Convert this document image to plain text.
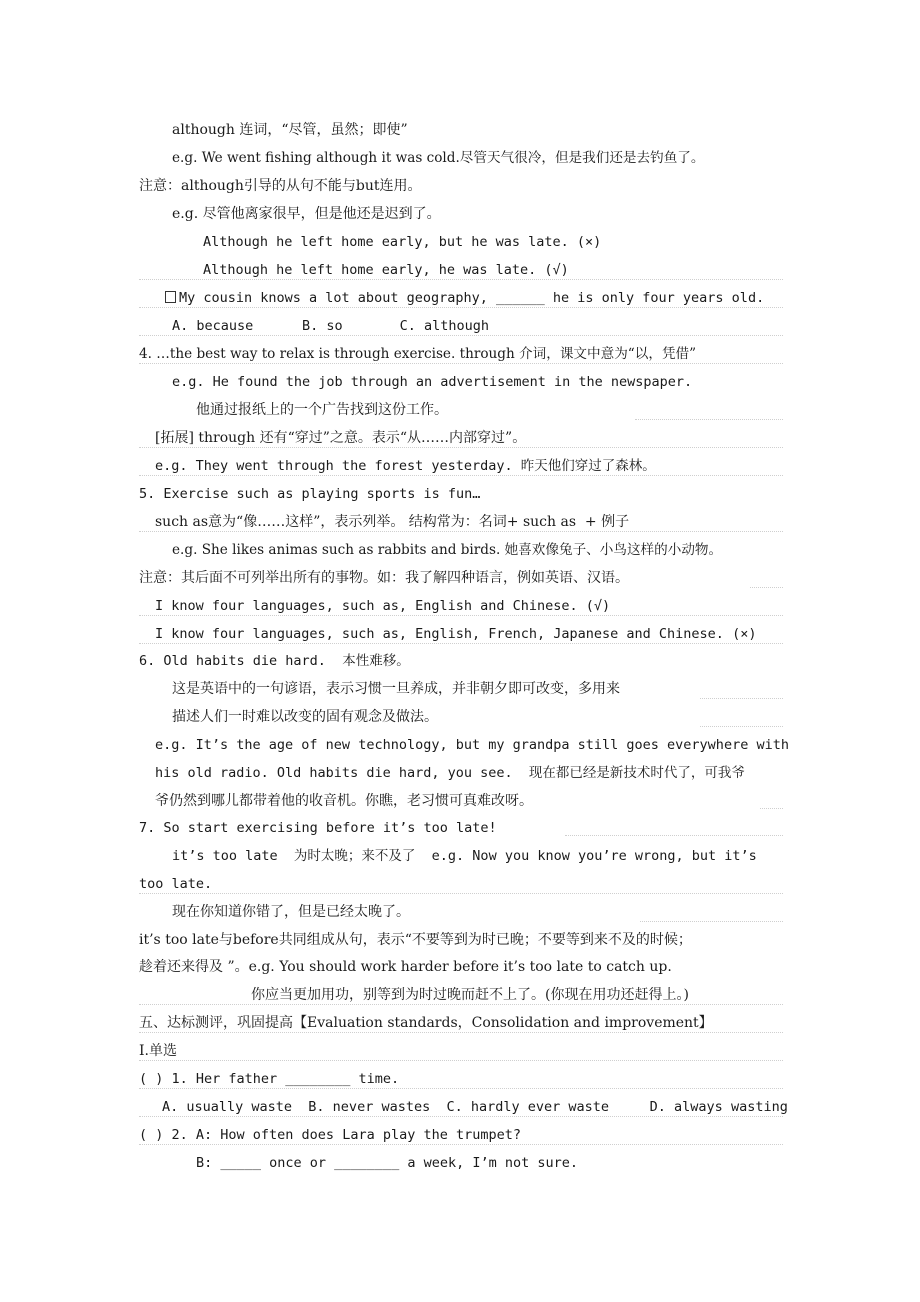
although 连词，“尽管，虽然；即使”
e.g. We went fishing although it was cold.尽管天气很冷，但是我们还是去钓鱼了。
注意：although引导的从句不能与but连用。
e.g. 尽管他离家很早，但是他还是迟到了。
Although he left home early, but he was late. (×)
Although he left home early, he was late. (√)
My cousin knows a lot about geography, ______ he is only four years old.
A. because      B. so       C. although
4. …the best way to relax is through exercise. through 介词，课文中意为“以，凭借”
e.g. He found the job through an advertisement in the newspaper.
他通过报纸上的一个广告找到这份工作。
[拓展] through 还有“穿过”之意。表示“从……内部穿过”。
e.g. They went through the forest yesterday. 昨天他们穿过了森林。
5. Exercise such as playing sports is fun…
such as意为“像……这样”，表示列举。 结构常为：名词+ such as  + 例子
e.g. She likes animas such as rabbits and birds. 她喜欢像兔子、小鸟这样的小动物。
注意：其后面不可列举出所有的事物。如：我了解四种语言，例如英语、汉语。
I know four languages, such as, English and Chinese. (√)
I know four languages, such as, English, French, Japanese and Chinese. (×)
6. Old habits die hard.  本性难移。
这是英语中的一句谚语，表示习惯一旦养成，并非朝夕即可改变，多用来
描述人们一时难以改变的固有观念及做法。
e.g. It’s the age of new technology, but my grandpa still goes everywhere with
his old radio. Old habits die hard, you see.  现在都已经是新技术时代了，可我爷
爷仍然到哪儿都带着他的收音机。你瞧，老习惯可真难改呀。
7. So start exercising before it’s too late!
it’s too late  为时太晚；来不及了  e.g. Now you know you’re wrong, but it’s
too late.
现在你知道你错了，但是已经太晚了。
it’s too late与before共同组成从句，表示“不要等到为时已晚；不要等到来不及的时候；
趁着还来得及 ”。e.g. You should work harder before it’s too late to catch up.
你应当更加用功，别等到为时过晚而赶不上了。(你现在用功还赶得上。)
五、达标测评，巩固提高【Evaluation standards，Consolidation and improvement】
Ⅰ.单选
( ) 1. Her father ________ time.
A. usually waste  B. never wastes  C. hardly ever waste     D. always wasting
( ) 2. A: How often does Lara play the trumpet?
B: _____ once or ________ a week, I’m not sure.
